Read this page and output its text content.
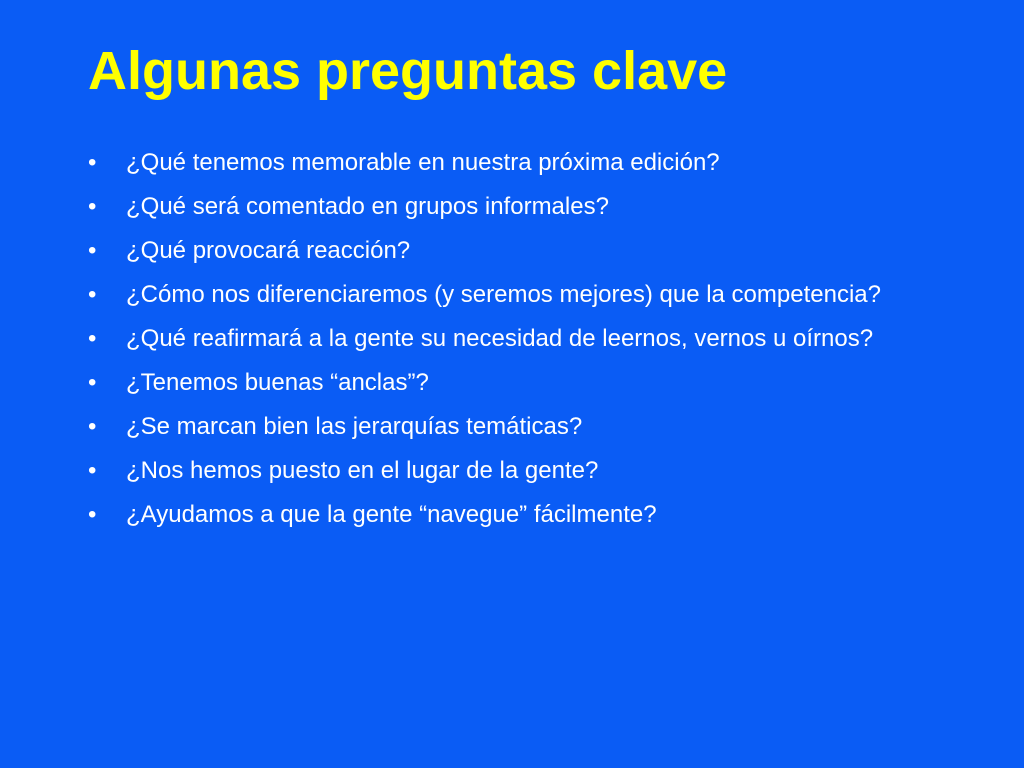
Algunas preguntas clave
•	¿Qué tenemos memorable en nuestra próxima edición?
•	¿Qué será comentado en grupos informales?
•	¿Qué provocará reacción?
•	¿Cómo nos diferenciaremos (y seremos mejores) que la competencia?
•	¿Qué reafirmará a la gente su necesidad de leernos, vernos u oírnos?
•	¿Tenemos buenas “anclas”?
•	¿Se marcan bien las jerarquías temáticas?
•	¿Nos hemos puesto en el lugar de la gente?
•	¿Ayudamos a que la gente “navegue” fácilmente?
